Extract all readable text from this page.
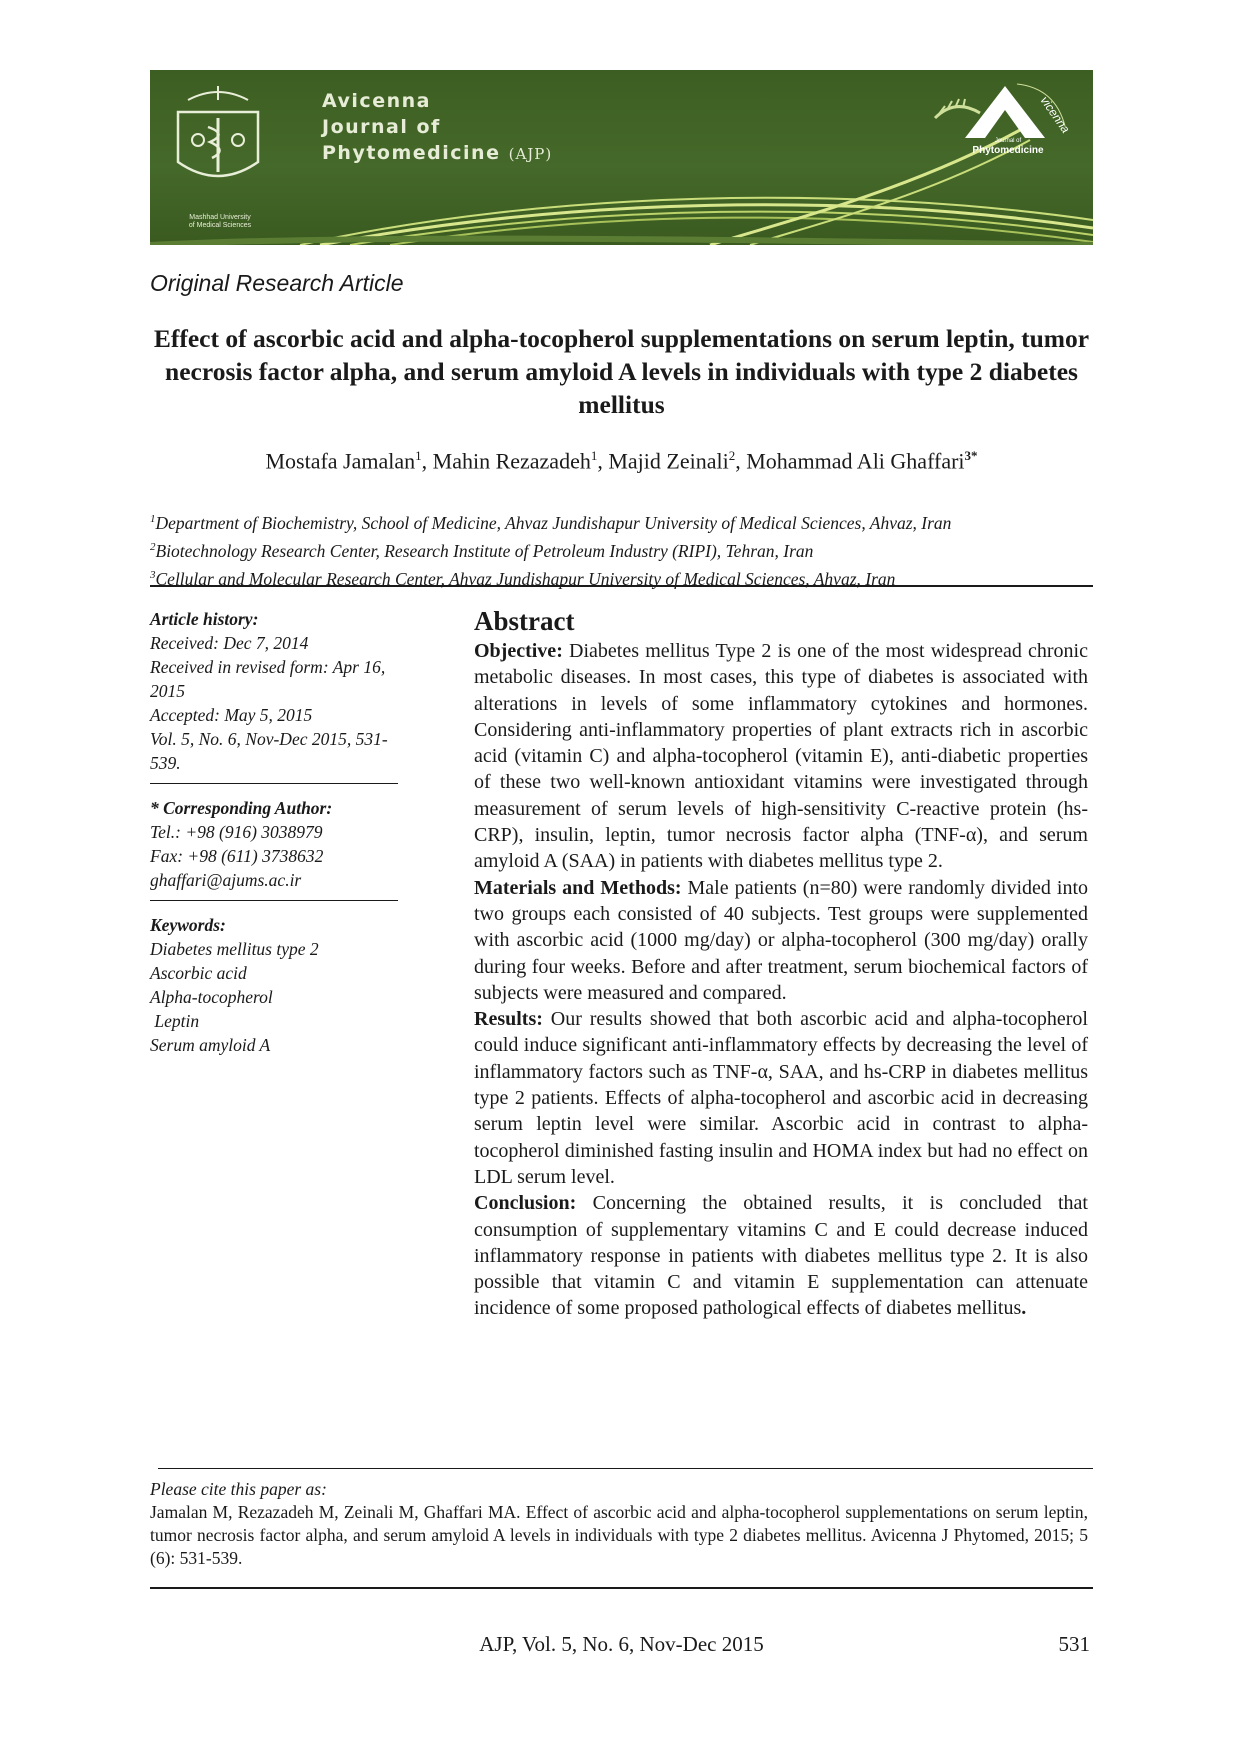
Mashhad University
of Medical Sciences
Avicenna
Journal of
Phytomedicine (AJP)
vicenna
Journal of
Phytomedicine
Original Research Article
Effect of ascorbic acid and alpha-tocopherol supplementations on serum leptin, tumor necrosis factor alpha, and serum amyloid A levels in individuals with type 2 diabetes mellitus
Mostafa Jamalan$^1$, Mahin Rezazadeh$^1$, Majid Zeinali$^2$, Mohammad Ali Ghaffari$^{3*}$
$^1$Department of Biochemistry, School of Medicine, Ahvaz Jundishapur University of Medical Sciences, Ahvaz, Iran
$^2$Biotechnology Research Center, Research Institute of Petroleum Industry (RIPI), Tehran, Iran
$^3$Cellular and Molecular Research Center, Ahvaz Jundishapur University of Medical Sciences, Ahvaz, Iran
Article history:
Received: Dec 7, 2014
Received in revised form: Apr 16, 2015
Accepted: May 5, 2015
Vol. 5, No. 6, Nov-Dec 2015, 531-539.
* Corresponding Author:
Tel.: +98 (916) 3038979
Fax: +98 (611) 3738632
ghaffari@ajums.ac.ir
Keywords:
Diabetes mellitus type 2
Ascorbic acid
Alpha-tocopherol
Leptin
Serum amyloid A
Abstract

Objective: Diabetes mellitus Type 2 is one of the most widespread chronic metabolic diseases. In most cases, this type of diabetes is associated with alterations in levels of some inflammatory cytokines and hormones. Considering anti-inflammatory properties of plant extracts rich in ascorbic acid (vitamin C) and alpha-tocopherol (vitamin E), anti-diabetic properties of these two well-known antioxidant vitamins were investigated through measurement of serum levels of high-sensitivity C-reactive protein (hs-CRP), insulin, leptin, tumor necrosis factor alpha (TNF-α), and serum amyloid A (SAA) in patients with diabetes mellitus type 2.

Materials and Methods: Male patients (n=80) were randomly divided into two groups each consisted of 40 subjects. Test groups were supplemented with ascorbic acid (1000 mg/day) or alpha-tocopherol (300 mg/day) orally during four weeks. Before and after treatment, serum biochemical factors of subjects were measured and compared.

Results: Our results showed that both ascorbic acid and alpha-tocopherol could induce significant anti-inflammatory effects by decreasing the level of inflammatory factors such as TNF-α, SAA, and hs-CRP in diabetes mellitus type 2 patients. Effects of alpha-tocopherol and ascorbic acid in decreasing serum leptin level were similar. Ascorbic acid in contrast to alpha-tocopherol diminished fasting insulin and HOMA index but had no effect on LDL serum level.

Conclusion: Concerning the obtained results, it is concluded that consumption of supplementary vitamins C and E could decrease induced inflammatory response in patients with diabetes mellitus type 2. It is also possible that vitamin C and vitamin E supplementation can attenuate incidence of some proposed pathological effects of diabetes mellitus.

Please cite this paper as:
Jamalan M, Rezazadeh M, Zeinali M, Ghaffari MA. Effect of ascorbic acid and alpha-tocopherol supplementations on serum leptin, tumor necrosis factor alpha, and serum amyloid A levels in individuals with type 2 diabetes mellitus. Avicenna J Phytomed, 2015; 5 (6): 531-539.
AJP, Vol. 5, No. 6, Nov-Dec 2015	531
